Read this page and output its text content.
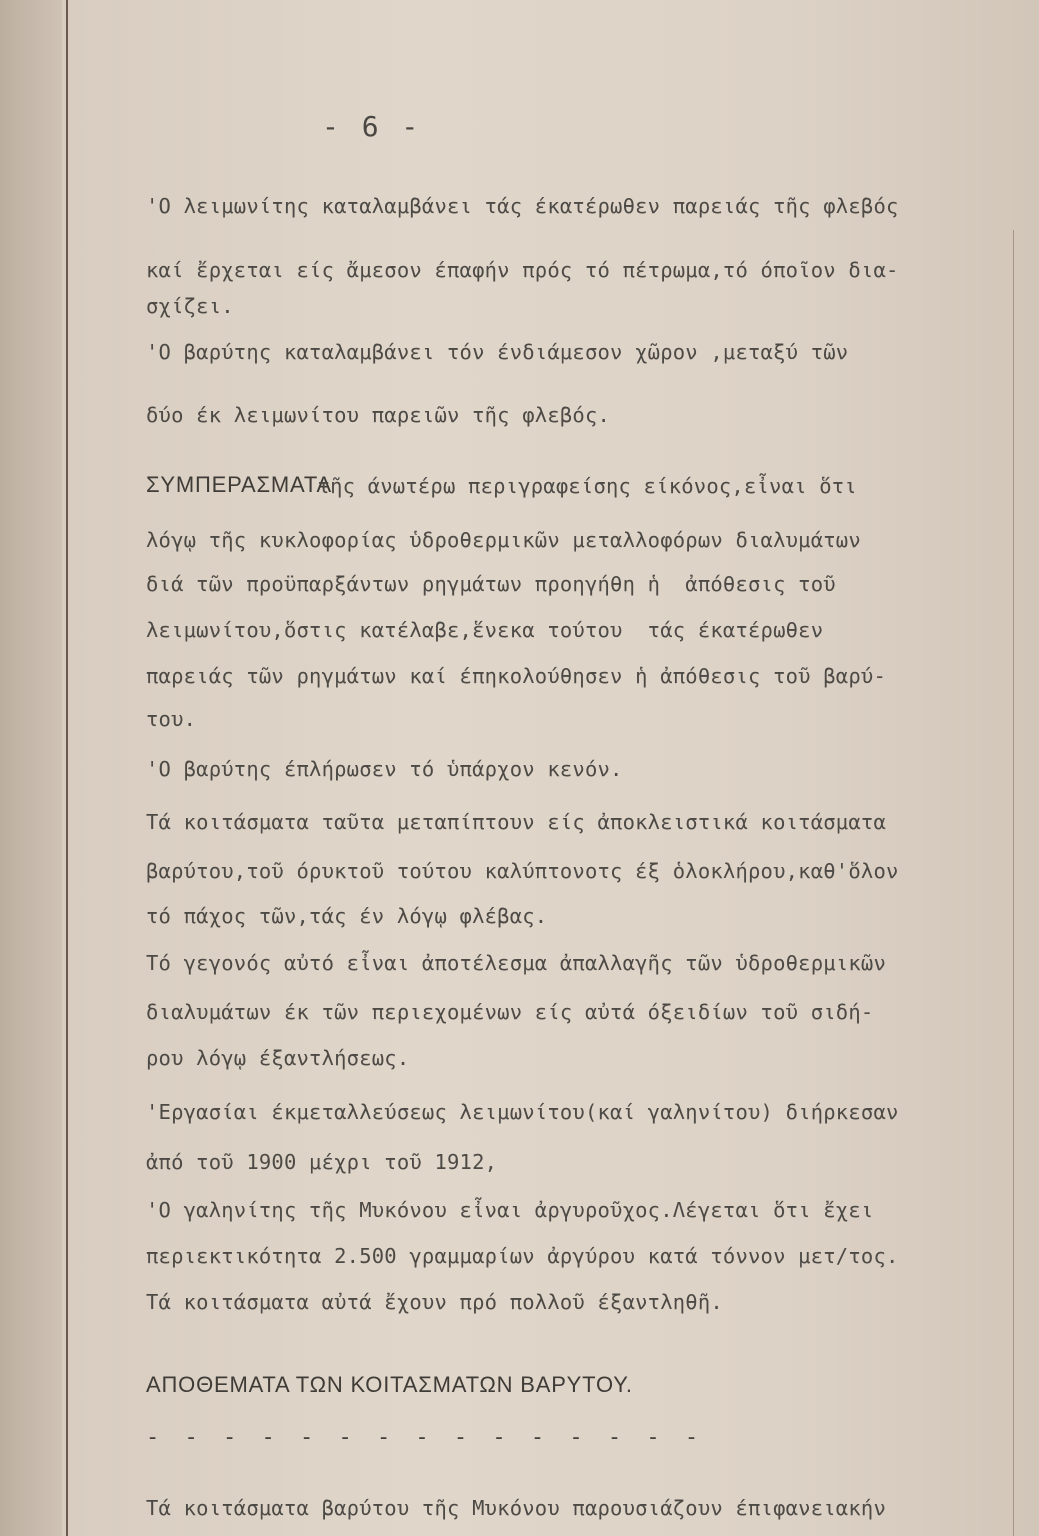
- 6 -
'Ο λειμωνίτης καταλαμβάνει τάς έκατέρωθεν παρειάς τῆς φλεβός
καί ἔρχεται είς ἄμεσον έπαφήν πρός τό πέτρωμα,τό όποῖον δια-
σχίζει.
'Ο βαρύτης καταλαμβάνει τόν ένδιάμεσον χῶρον ,μεταξύ τῶν
δύο έκ λειμωνίτου παρειῶν τῆς φλεβός.
ΣΥΜΠΕΡΑΣΜΑΤΑ
τῆς άνωτέρω περιγραφείσης είκόνος,εἶναι ὅτι
λόγῳ τῆς κυκλοφορίας ὑδροθερμικῶν μεταλλοφόρων διαλυμάτων
διά τῶν προϋπαρξάντων ρηγμάτων προηγήθη ἡ  ἀπόθεσις τοῦ
λειμωνίτου,ὅστις κατέλαβε,ἕνεκα τούτου  τάς έκατέρωθεν
παρειάς τῶν ρηγμάτων καί έπηκολούθησεν ἡ ἀπόθεσις τοῦ βαρύ-
του.
'Ο βαρύτης έπλήρωσεν τό ὑπάρχον κενόν.
Τά κοιτάσματα ταῦτα μεταπίπτουν είς ἀποκλειστικά κοιτάσματα
βαρύτου,τοῦ όρυκτοῦ τούτου καλύπτονοτς έξ ὁλοκλήρου,καθ'ὅλον
τό πάχος τῶν,τάς έν λόγῳ φλέβας.
Τό γεγονός αὐτό εἶναι ἀποτέλεσμα ἀπαλλαγῆς τῶν ὑδροθερμικῶν
διαλυμάτων έκ τῶν περιεχομένων είς αὐτά όξειδίων τοῦ σιδή-
ρου λόγῳ έξαντλήσεως.
'Εργασίαι έκμεταλλεύσεως λειμωνίτου(καί γαληνίτου) διήρκεσαν
ἀπό τοῦ 1900 μέχρι τοῦ 1912,
'Ο γαληνίτης τῆς Μυκόνου εἶναι ἀργυροῦχος.Λέγεται ὅτι ἔχει
περιεκτικότητα 2.500 γραμμαρίων ἀργύρου κατά τόννον μετ/τος.
Τά κοιτάσματα αὐτά ἔχουν πρό πολλοῦ έξαντληθῆ.
ΑΠΟΘΕΜΑΤΑ ΤΩΝ ΚΟΙΤΑΣΜΑΤΩΝ ΒΑΡΥΤΟΥ.
- - - - - - - - - - - - - - -
Τά κοιτάσματα βαρύτου τῆς Μυκόνου παρουσιάζουν έπιφανειακήν
